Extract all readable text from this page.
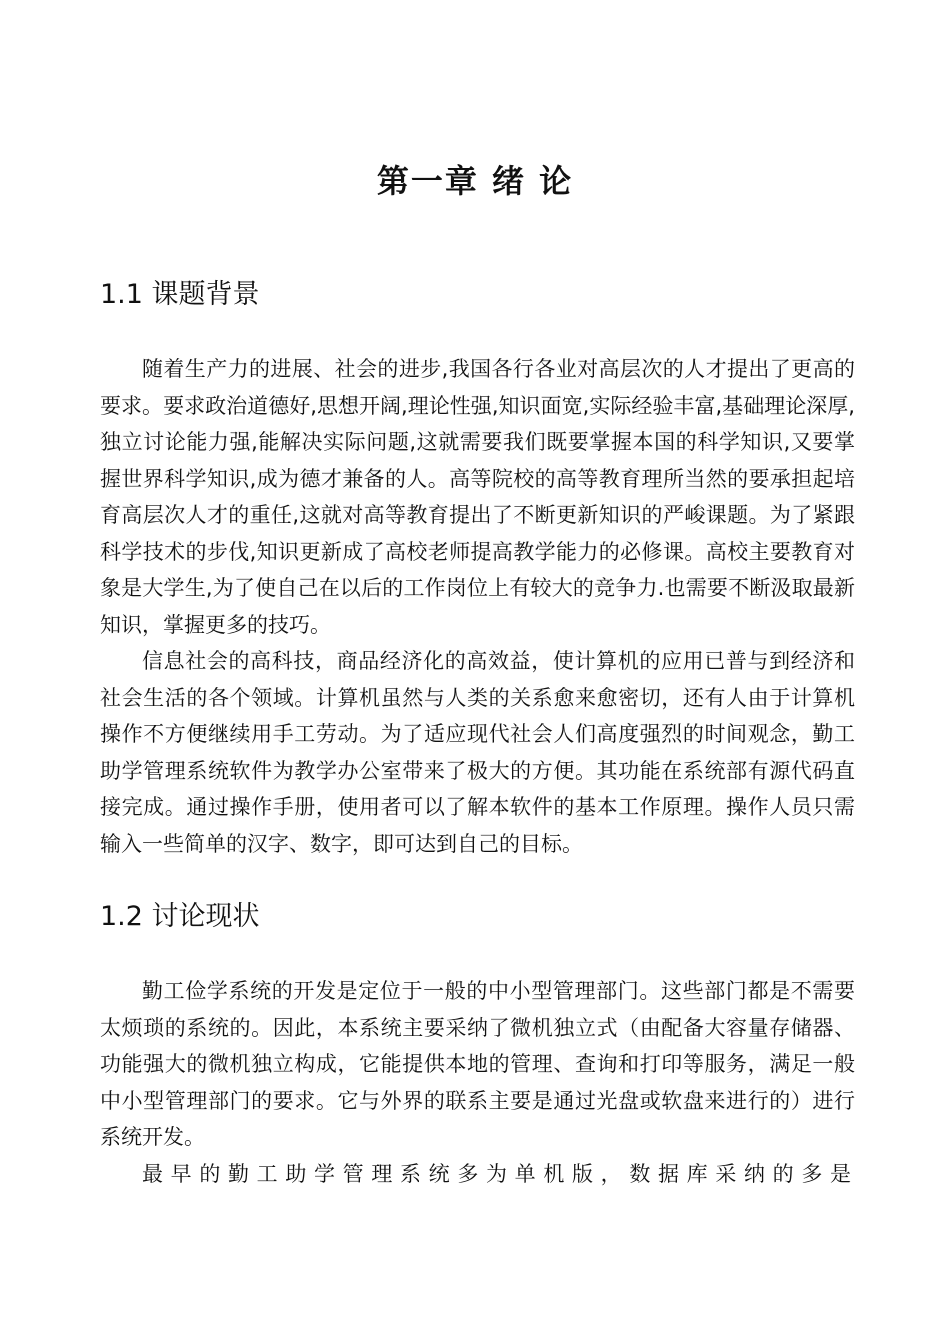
第一章 绪 论
1.1 课题背景

随着生产力的进展、社会的进步,我国各行各业对高层次的人才提出了更高的要求。要求政治道德好,思想开阔,理论性强,知识面宽,实际经验丰富,基础理论深厚,独立讨论能力强,能解决实际问题,这就需要我们既要掌握本国的科学知识,又要掌握世界科学知识,成为德才兼备的人。高等院校的高等教育理所当然的要承担起培育高层次人才的重任,这就对高等教育提出了不断更新知识的严峻课题。为了紧跟科学技术的步伐,知识更新成了高校老师提高教学能力的必修课。高校主要教育对象是大学生,为了使自己在以后的工作岗位上有较大的竞争力.也需要不断汲取最新知识，掌握更多的技巧。

信息社会的高科技，商品经济化的高效益，使计算机的应用已普与到经济和社会生活的各个领域。计算机虽然与人类的关系愈来愈密切，还有人由于计算机操作不方便继续用手工劳动。为了适应现代社会人们高度强烈的时间观念，勤工助学管理系统软件为教学办公室带来了极大的方便。其功能在系统部有源代码直接完成。通过操作手册，使用者可以了解本软件的基本工作原理。操作人员只需输入一些简单的汉字、数字，即可达到自己的目标。

1.2 讨论现状

勤工俭学系统的开发是定位于一般的中小型管理部门。这些部门都是不需要太烦琐的系统的。因此，本系统主要采纳了微机独立式（由配备大容量存储器、功能强大的微机独立构成，它能提供本地的管理、查询和打印等服务，满足一般中小型管理部门的要求。它与外界的联系主要是通过光盘或软盘来进行的）进行系统开发。

最早的勤工助学管理系统多为单机版，数据库采纳的多是
